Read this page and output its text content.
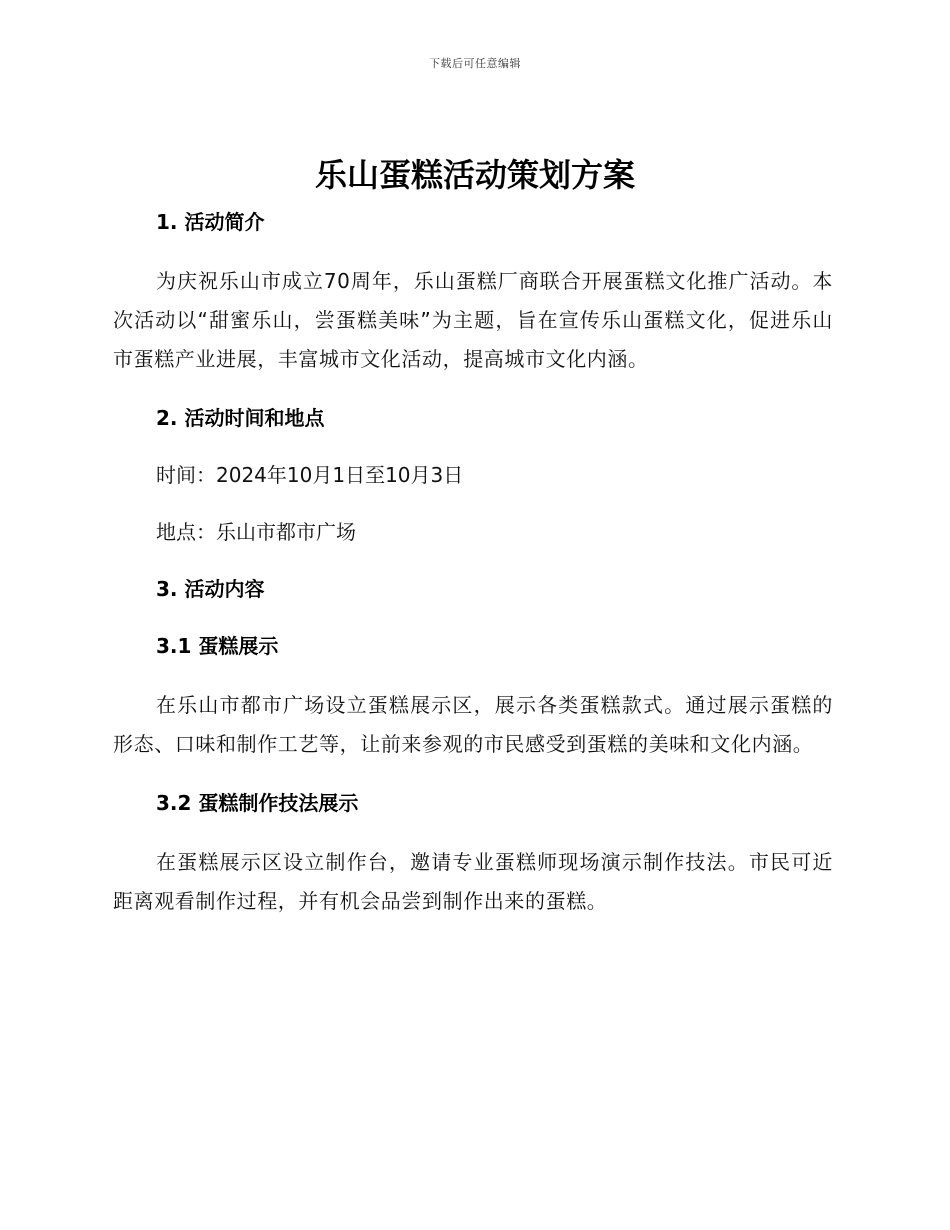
下载后可任意编辑
乐山蛋糕活动策划方案
1. 活动简介

为庆祝乐山市成立70周年，乐山蛋糕厂商联合开展蛋糕文化推广活动。本次活动以“甜蜜乐山，尝蛋糕美味”为主题，旨在宣传乐山蛋糕文化，促进乐山市蛋糕产业进展，丰富城市文化活动，提高城市文化内涵。

2. 活动时间和地点
时间：2024年10月1日至10月3日
地点：乐山市都市广场
3. 活动内容
3.1 蛋糕展示

在乐山市都市广场设立蛋糕展示区，展示各类蛋糕款式。通过展示蛋糕的形态、口味和制作工艺等，让前来参观的市民感受到蛋糕的美味和文化内涵。

3.2 蛋糕制作技法展示

在蛋糕展示区设立制作台，邀请专业蛋糕师现场演示制作技法。市民可近距离观看制作过程，并有机会品尝到制作出来的蛋糕。
